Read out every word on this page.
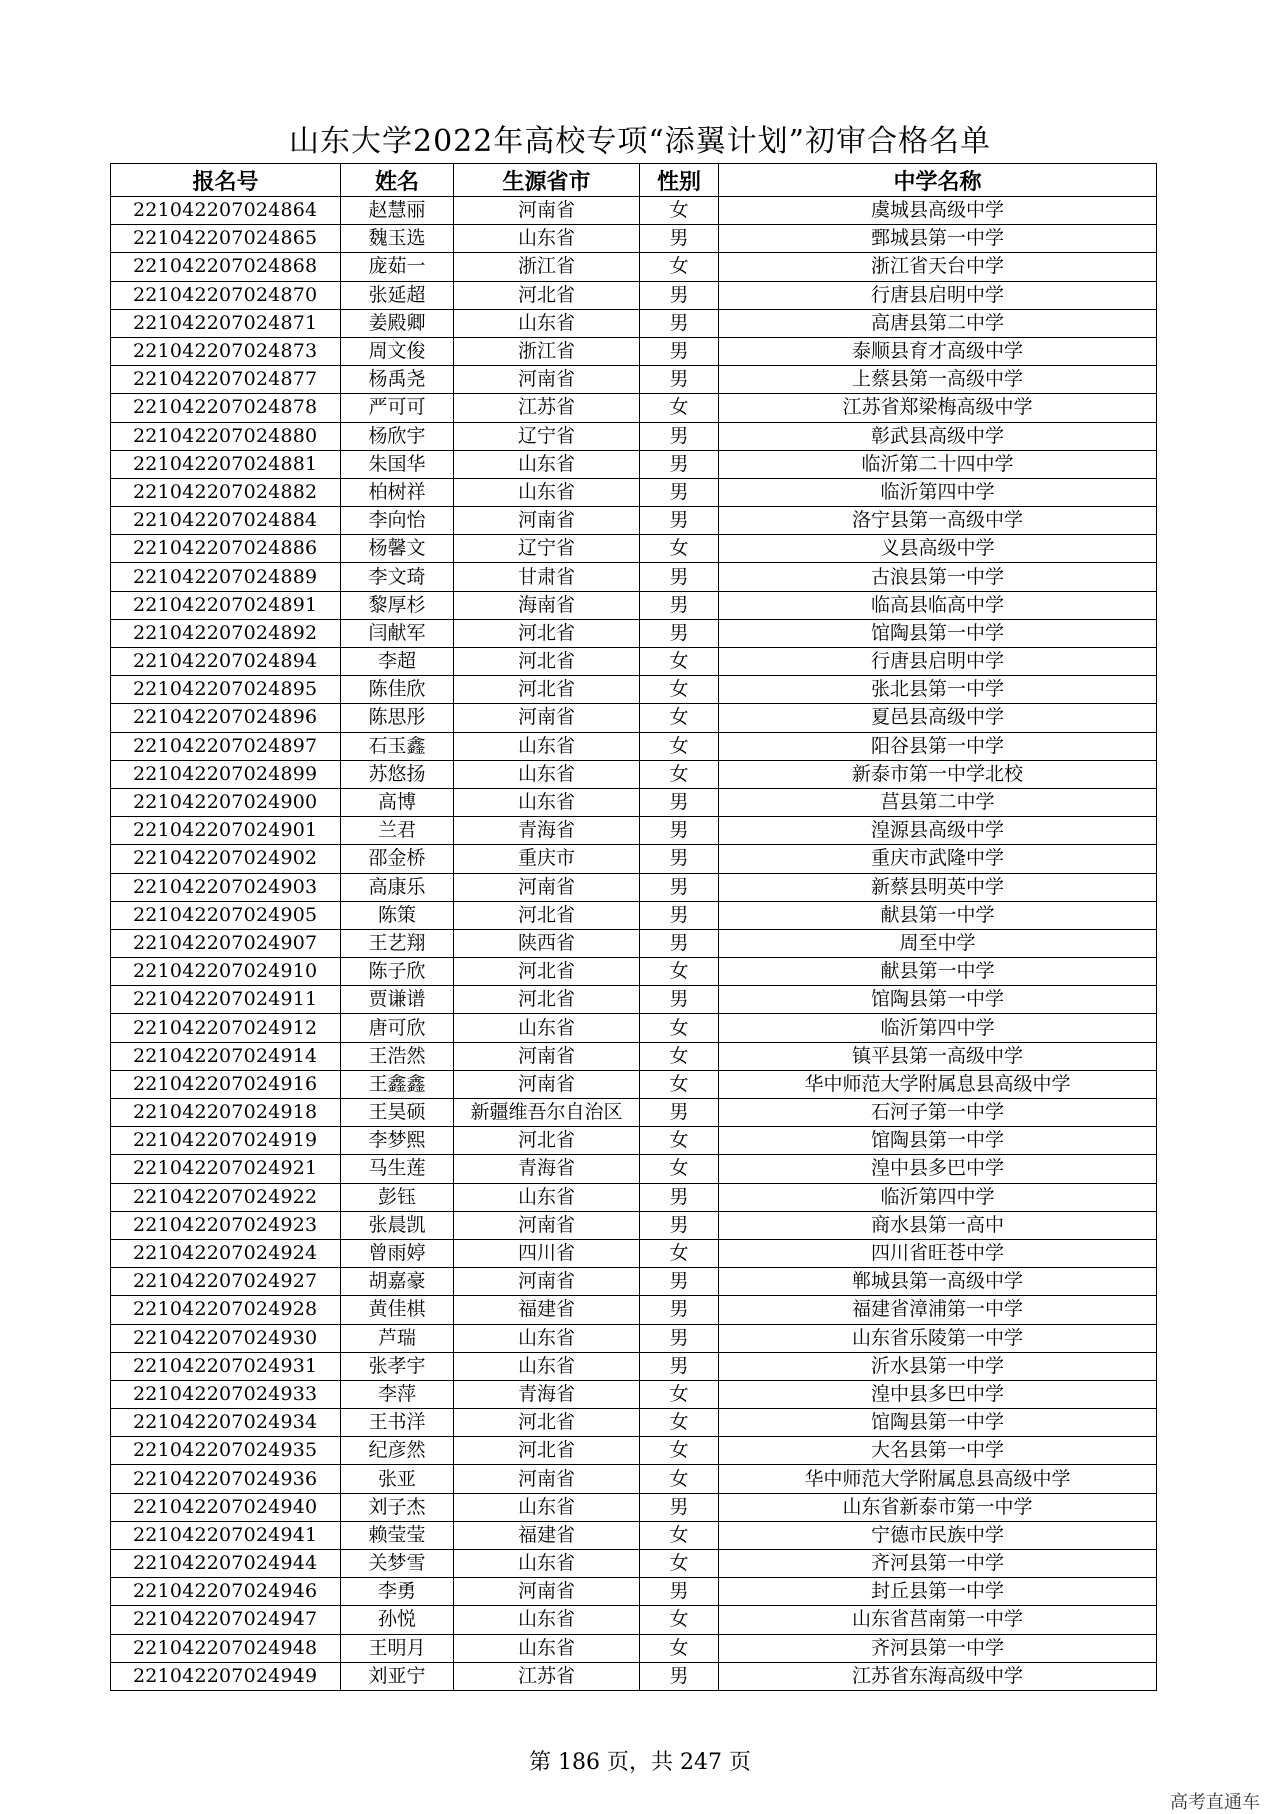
山东大学2022年高校专项“添翼计划”初审合格名单
报名号	姓名	生源省市	性别	中学名称
221042207024864	赵慧丽	河南省	女	虞城县高级中学
221042207024865	魏玉选	山东省	男	鄄城县第一中学
221042207024868	庞茹一	浙江省	女	浙江省天台中学
221042207024870	张延超	河北省	男	行唐县启明中学
221042207024871	姜殿卿	山东省	男	高唐县第二中学
221042207024873	周文俊	浙江省	男	泰顺县育才高级中学
221042207024877	杨禹尧	河南省	男	上蔡县第一高级中学
221042207024878	严可可	江苏省	女	江苏省郑梁梅高级中学
221042207024880	杨欣宇	辽宁省	男	彰武县高级中学
221042207024881	朱国华	山东省	男	临沂第二十四中学
221042207024882	柏树祥	山东省	男	临沂第四中学
221042207024884	李向怡	河南省	男	洛宁县第一高级中学
221042207024886	杨馨文	辽宁省	女	义县高级中学
221042207024889	李文琦	甘肃省	男	古浪县第一中学
221042207024891	黎厚杉	海南省	男	临高县临高中学
221042207024892	闫献军	河北省	男	馆陶县第一中学
221042207024894	李超	河北省	女	行唐县启明中学
221042207024895	陈佳欣	河北省	女	张北县第一中学
221042207024896	陈思彤	河南省	女	夏邑县高级中学
221042207024897	石玉鑫	山东省	女	阳谷县第一中学
221042207024899	苏悠扬	山东省	女	新泰市第一中学北校
221042207024900	高博	山东省	男	莒县第二中学
221042207024901	兰君	青海省	男	湟源县高级中学
221042207024902	邵金桥	重庆市	男	重庆市武隆中学
221042207024903	高康乐	河南省	男	新蔡县明英中学
221042207024905	陈策	河北省	男	献县第一中学
221042207024907	王艺翔	陕西省	男	周至中学
221042207024910	陈子欣	河北省	女	献县第一中学
221042207024911	贾谦谱	河北省	男	馆陶县第一中学
221042207024912	唐可欣	山东省	女	临沂第四中学
221042207024914	王浩然	河南省	女	镇平县第一高级中学
221042207024916	王鑫鑫	河南省	女	华中师范大学附属息县高级中学
221042207024918	王昊硕	新疆维吾尔自治区	男	石河子第一中学
221042207024919	李梦熙	河北省	女	馆陶县第一中学
221042207024921	马生莲	青海省	女	湟中县多巴中学
221042207024922	彭钰	山东省	男	临沂第四中学
221042207024923	张晨凯	河南省	男	商水县第一高中
221042207024924	曾雨婷	四川省	女	四川省旺苍中学
221042207024927	胡嘉豪	河南省	男	郸城县第一高级中学
221042207024928	黄佳棋	福建省	男	福建省漳浦第一中学
221042207024930	芦瑞	山东省	男	山东省乐陵第一中学
221042207024931	张孝宇	山东省	男	沂水县第一中学
221042207024933	李萍	青海省	女	湟中县多巴中学
221042207024934	王书洋	河北省	女	馆陶县第一中学
221042207024935	纪彦然	河北省	女	大名县第一中学
221042207024936	张亚	河南省	女	华中师范大学附属息县高级中学
221042207024940	刘子杰	山东省	男	山东省新泰市第一中学
221042207024941	赖莹莹	福建省	女	宁德市民族中学
221042207024944	关梦雪	山东省	女	齐河县第一中学
221042207024946	李勇	河南省	男	封丘县第一中学
221042207024947	孙悦	山东省	女	山东省莒南第一中学
221042207024948	王明月	山东省	女	齐河县第一中学
221042207024949	刘亚宁	江苏省	男	江苏省东海高级中学
第 186 页，共 247 页
高考直通车
